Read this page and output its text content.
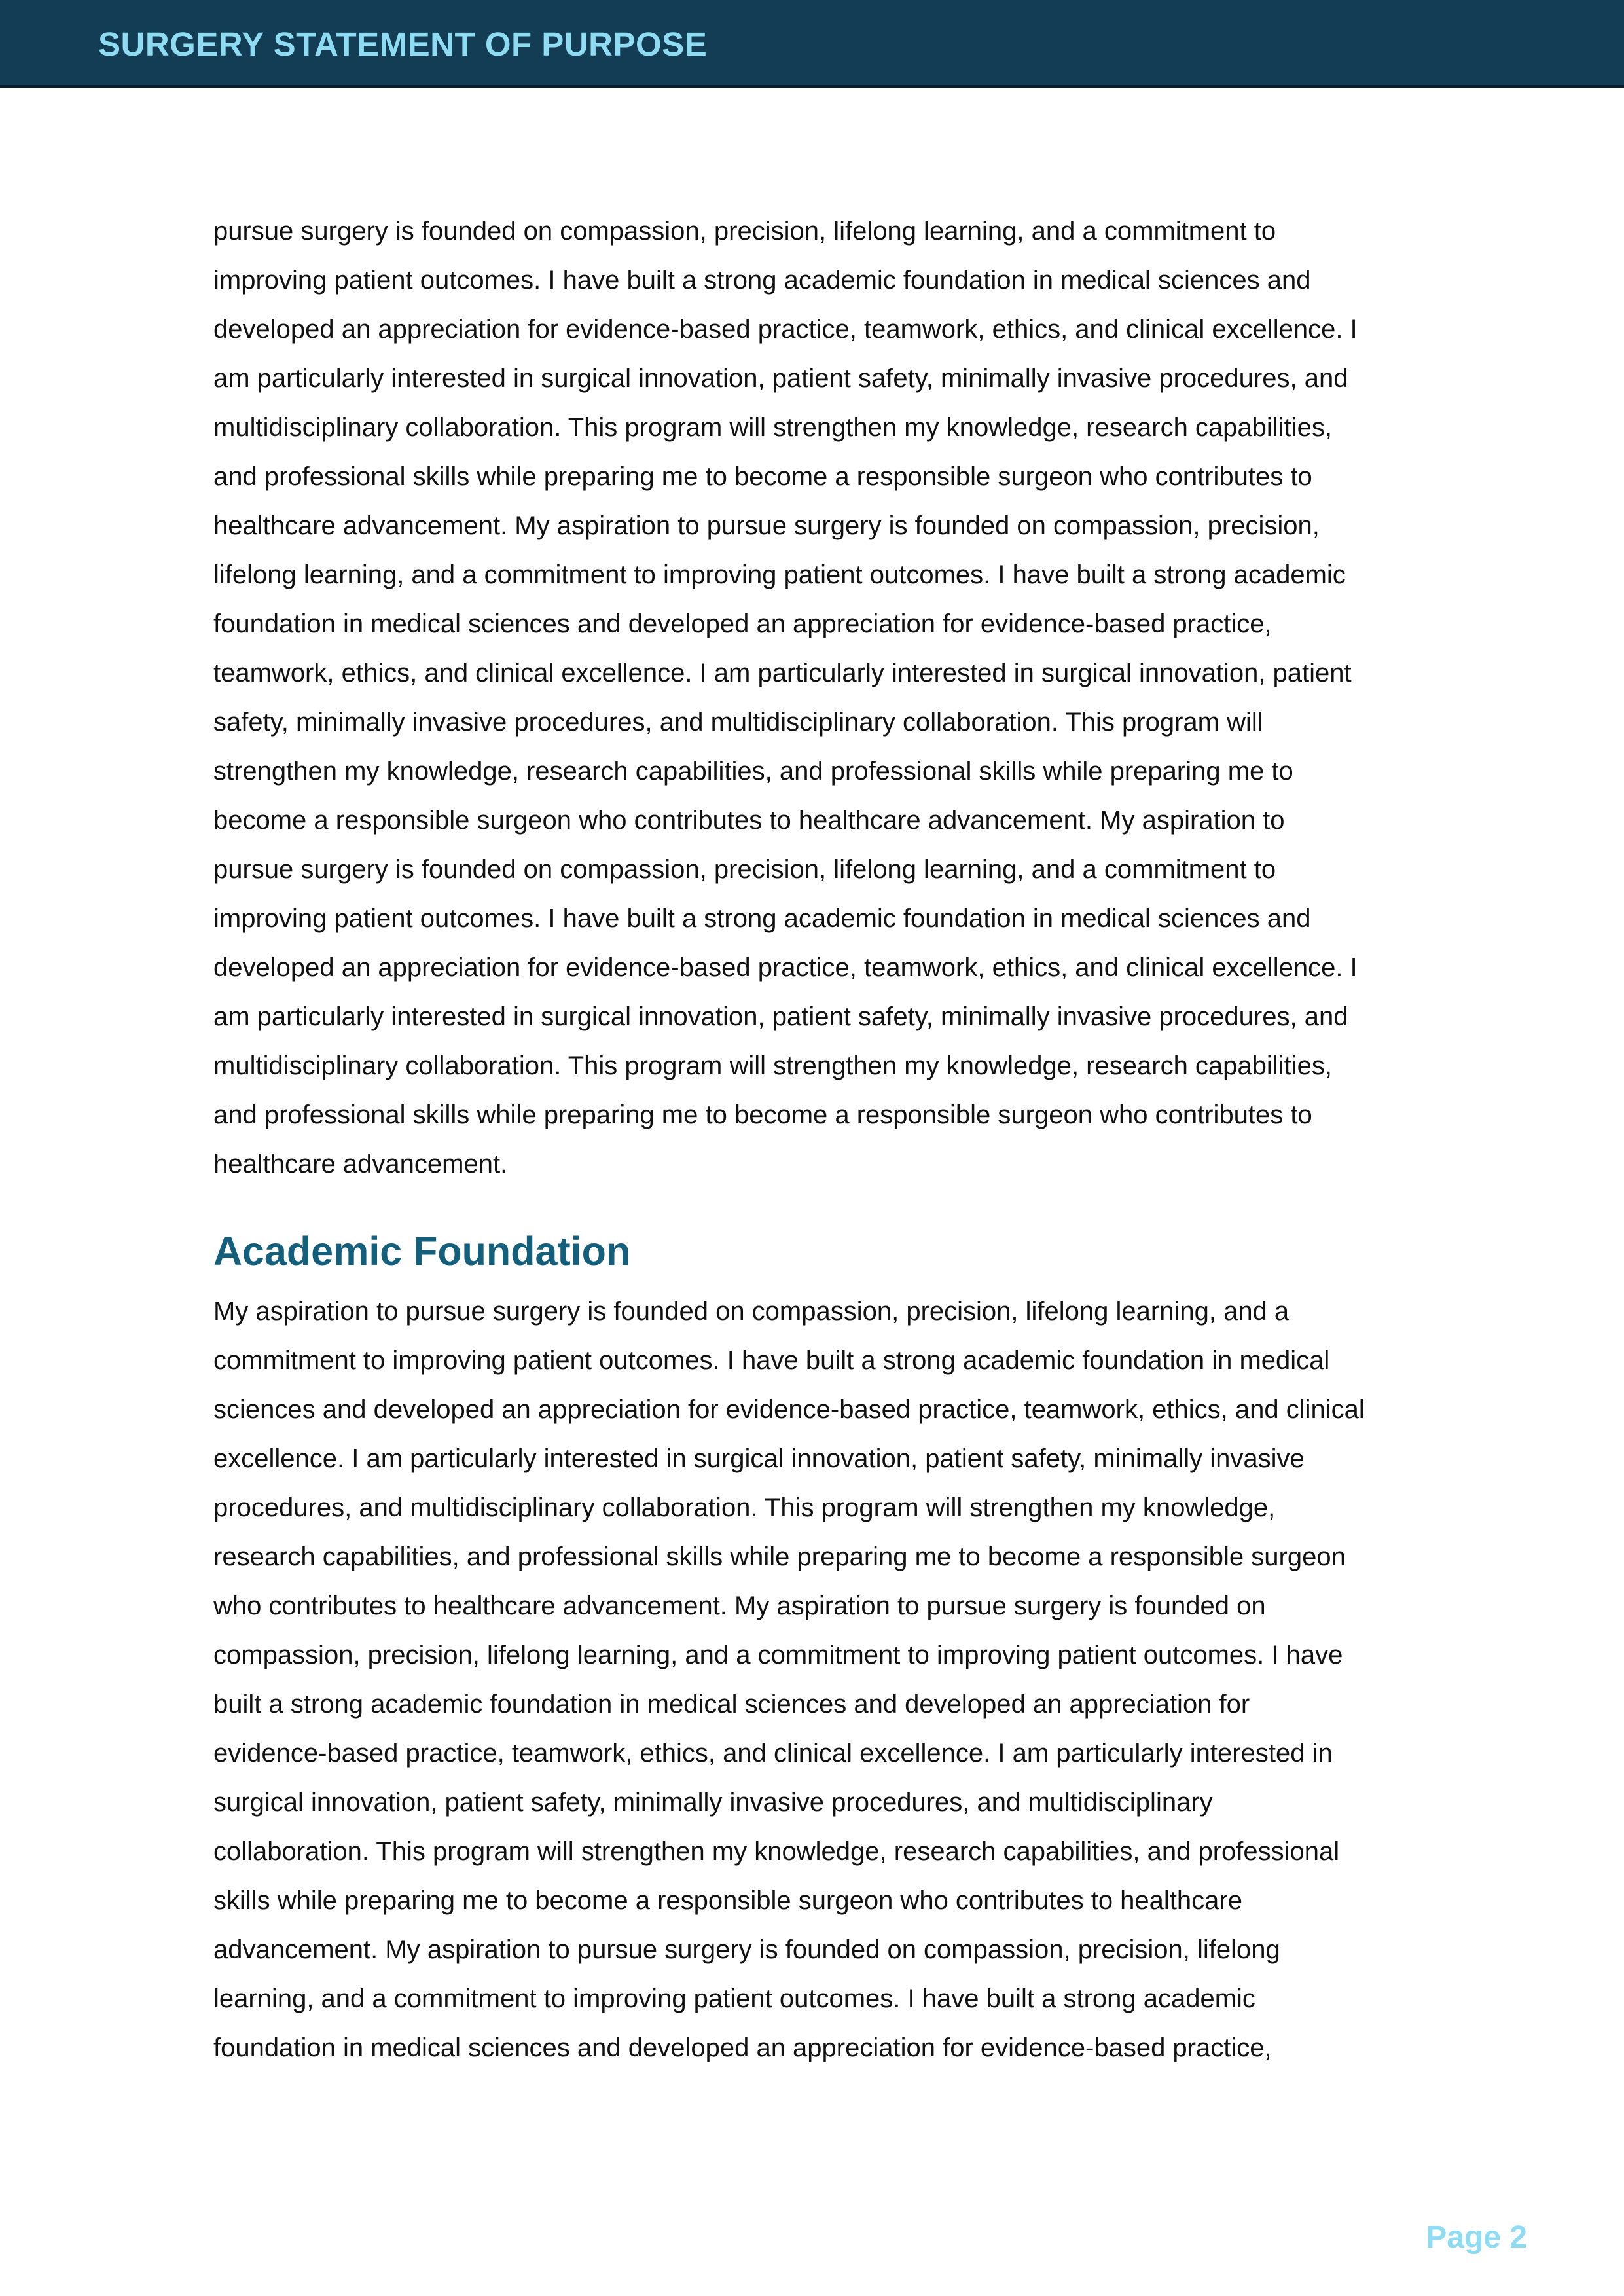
SURGERY STATEMENT OF PURPOSE
pursue surgery is founded on compassion, precision, lifelong learning, and a commitment to
improving patient outcomes. I have built a strong academic foundation in medical sciences and
developed an appreciation for evidence-based practice, teamwork, ethics, and clinical excellence. I
am particularly interested in surgical innovation, patient safety, minimally invasive procedures, and
multidisciplinary collaboration. This program will strengthen my knowledge, research capabilities,
and professional skills while preparing me to become a responsible surgeon who contributes to
healthcare advancement. My aspiration to pursue surgery is founded on compassion, precision,
lifelong learning, and a commitment to improving patient outcomes. I have built a strong academic
foundation in medical sciences and developed an appreciation for evidence-based practice,
teamwork, ethics, and clinical excellence. I am particularly interested in surgical innovation, patient
safety, minimally invasive procedures, and multidisciplinary collaboration. This program will
strengthen my knowledge, research capabilities, and professional skills while preparing me to
become a responsible surgeon who contributes to healthcare advancement. My aspiration to
pursue surgery is founded on compassion, precision, lifelong learning, and a commitment to
improving patient outcomes. I have built a strong academic foundation in medical sciences and
developed an appreciation for evidence-based practice, teamwork, ethics, and clinical excellence. I
am particularly interested in surgical innovation, patient safety, minimally invasive procedures, and
multidisciplinary collaboration. This program will strengthen my knowledge, research capabilities,
and professional skills while preparing me to become a responsible surgeon who contributes to
healthcare advancement.
Academic Foundation
My aspiration to pursue surgery is founded on compassion, precision, lifelong learning, and a
commitment to improving patient outcomes. I have built a strong academic foundation in medical
sciences and developed an appreciation for evidence-based practice, teamwork, ethics, and clinical
excellence. I am particularly interested in surgical innovation, patient safety, minimally invasive
procedures, and multidisciplinary collaboration. This program will strengthen my knowledge,
research capabilities, and professional skills while preparing me to become a responsible surgeon
who contributes to healthcare advancement. My aspiration to pursue surgery is founded on
compassion, precision, lifelong learning, and a commitment to improving patient outcomes. I have
built a strong academic foundation in medical sciences and developed an appreciation for
evidence-based practice, teamwork, ethics, and clinical excellence. I am particularly interested in
surgical innovation, patient safety, minimally invasive procedures, and multidisciplinary
collaboration. This program will strengthen my knowledge, research capabilities, and professional
skills while preparing me to become a responsible surgeon who contributes to healthcare
advancement. My aspiration to pursue surgery is founded on compassion, precision, lifelong
learning, and a commitment to improving patient outcomes. I have built a strong academic
foundation in medical sciences and developed an appreciation for evidence-based practice,
Page 2
